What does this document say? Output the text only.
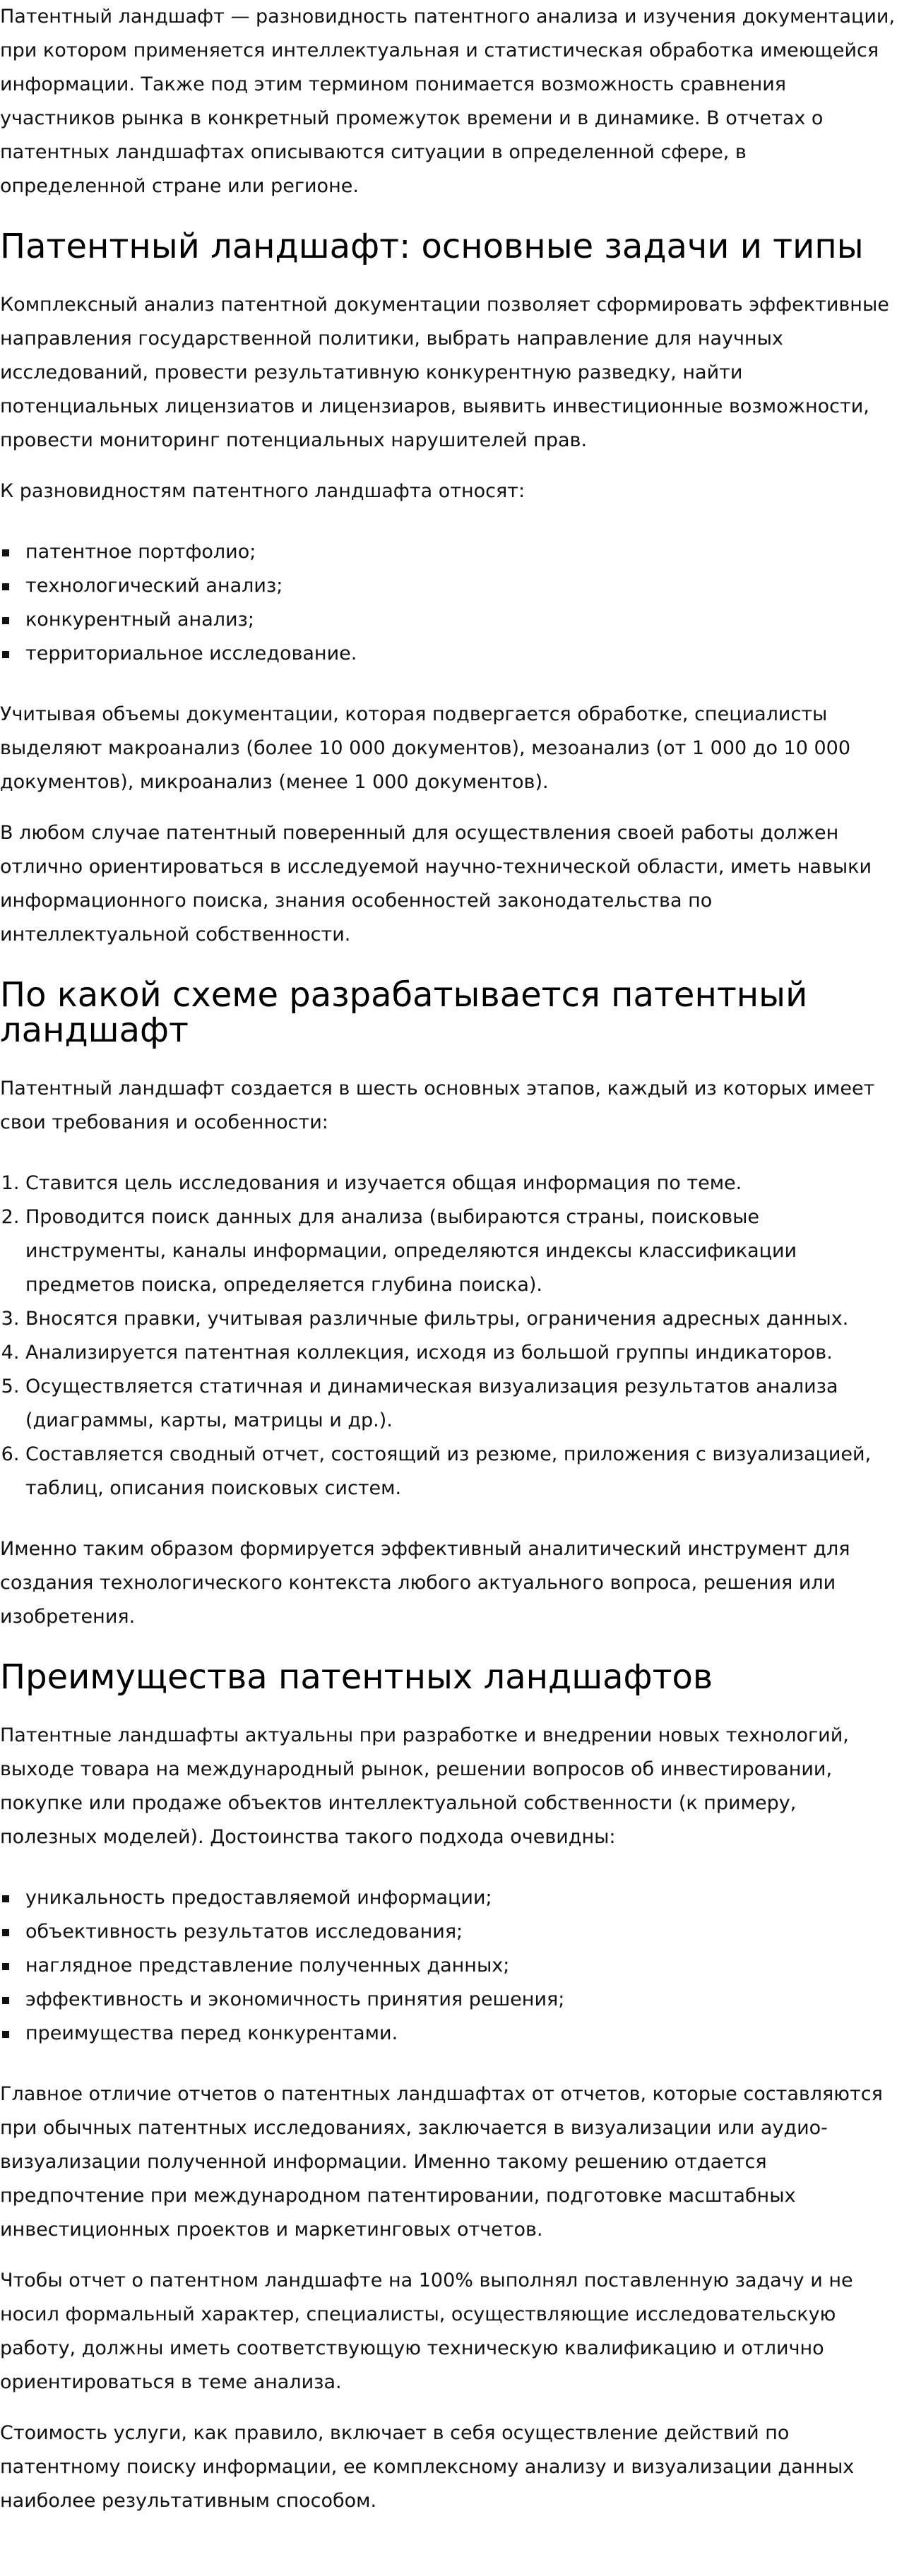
Патентный ландшафт — разновидность патентного анализа и изучения документации, при котором применяется интеллектуальная и статистическая обработка имеющейся информации. Также под этим термином понимается возможность сравнения участников рынка в конкретный промежуток времени и в динамике. В отчетах о патентных ландшафтах описываются ситуации в определенной сфере, в определенной стране или регионе.

Патентный ландшафт: основные задачи и типы

Комплексный анализ патентной документации позволяет сформировать эффективные направления государственной политики, выбрать направление для научных исследований, провести результативную конкурентную разведку, найти потенциальных лицензиатов и лицензиаров, выявить инвестиционные возможности, провести мониторинг потенциальных нарушителей прав.

К разновидностям патентного ландшафта относят:

патентное портфолио;
технологический анализ;
конкурентный анализ;
территориальное исследование.

Учитывая объемы документации, которая подвергается обработке, специалисты выделяют макроанализ (более 10 000 документов), мезоанализ (от 1 000 до 10 000 документов), микроанализ (менее 1 000 документов).

В любом случае патентный поверенный для осуществления своей работы должен отлично ориентироваться в исследуемой научно-технической области, иметь навыки информационного поиска, знания особенностей законодательства по интеллектуальной собственности.

По какой схеме разрабатывается патентный ландшафт

Патентный ландшафт создается в шесть основных этапов, каждый из которых имеет свои требования и особенности:

1. Ставится цель исследования и изучается общая информация по теме.
2. Проводится поиск данных для анализа (выбираются страны, поисковые инструменты, каналы информации, определяются индексы классификации предметов поиска, определяется глубина поиска).
3. Вносятся правки, учитывая различные фильтры, ограничения адресных данных.
4. Анализируется патентная коллекция, исходя из большой группы индикаторов.
5. Осуществляется статичная и динамическая визуализация результатов анализа (диаграммы, карты, матрицы и др.).
6. Составляется сводный отчет, состоящий из резюме, приложения с визуализацией, таблиц, описания поисковых систем.

Именно таким образом формируется эффективный аналитический инструмент для создания технологического контекста любого актуального вопроса, решения или изобретения.

Преимущества патентных ландшафтов

Патентные ландшафты актуальны при разработке и внедрении новых технологий, выходе товара на международный рынок, решении вопросов об инвестировании, покупке или продаже объектов интеллектуальной собственности (к примеру, полезных моделей). Достоинства такого подхода очевидны:

уникальность предоставляемой информации;
объективность результатов исследования;
наглядное представление полученных данных;
эффективность и экономичность принятия решения;
преимущества перед конкурентами.

Главное отличие отчетов о патентных ландшафтах от отчетов, которые составляются при обычных патентных исследованиях, заключается в визуализации или аудио-визуализации полученной информации. Именно такому решению отдается предпочтение при международном патентировании, подготовке масштабных инвестиционных проектов и маркетинговых отчетов.

Чтобы отчет о патентном ландшафте на 100% выполнял поставленную задачу и не носил формальный характер, специалисты, осуществляющие исследовательскую работу, должны иметь соответствующую техническую квалификацию и отлично ориентироваться в теме анализа.

Стоимость услуги, как правило, включает в себя осуществление действий по патентному поиску информации, ее комплексному анализу и визуализации данных наиболее результативным способом.
